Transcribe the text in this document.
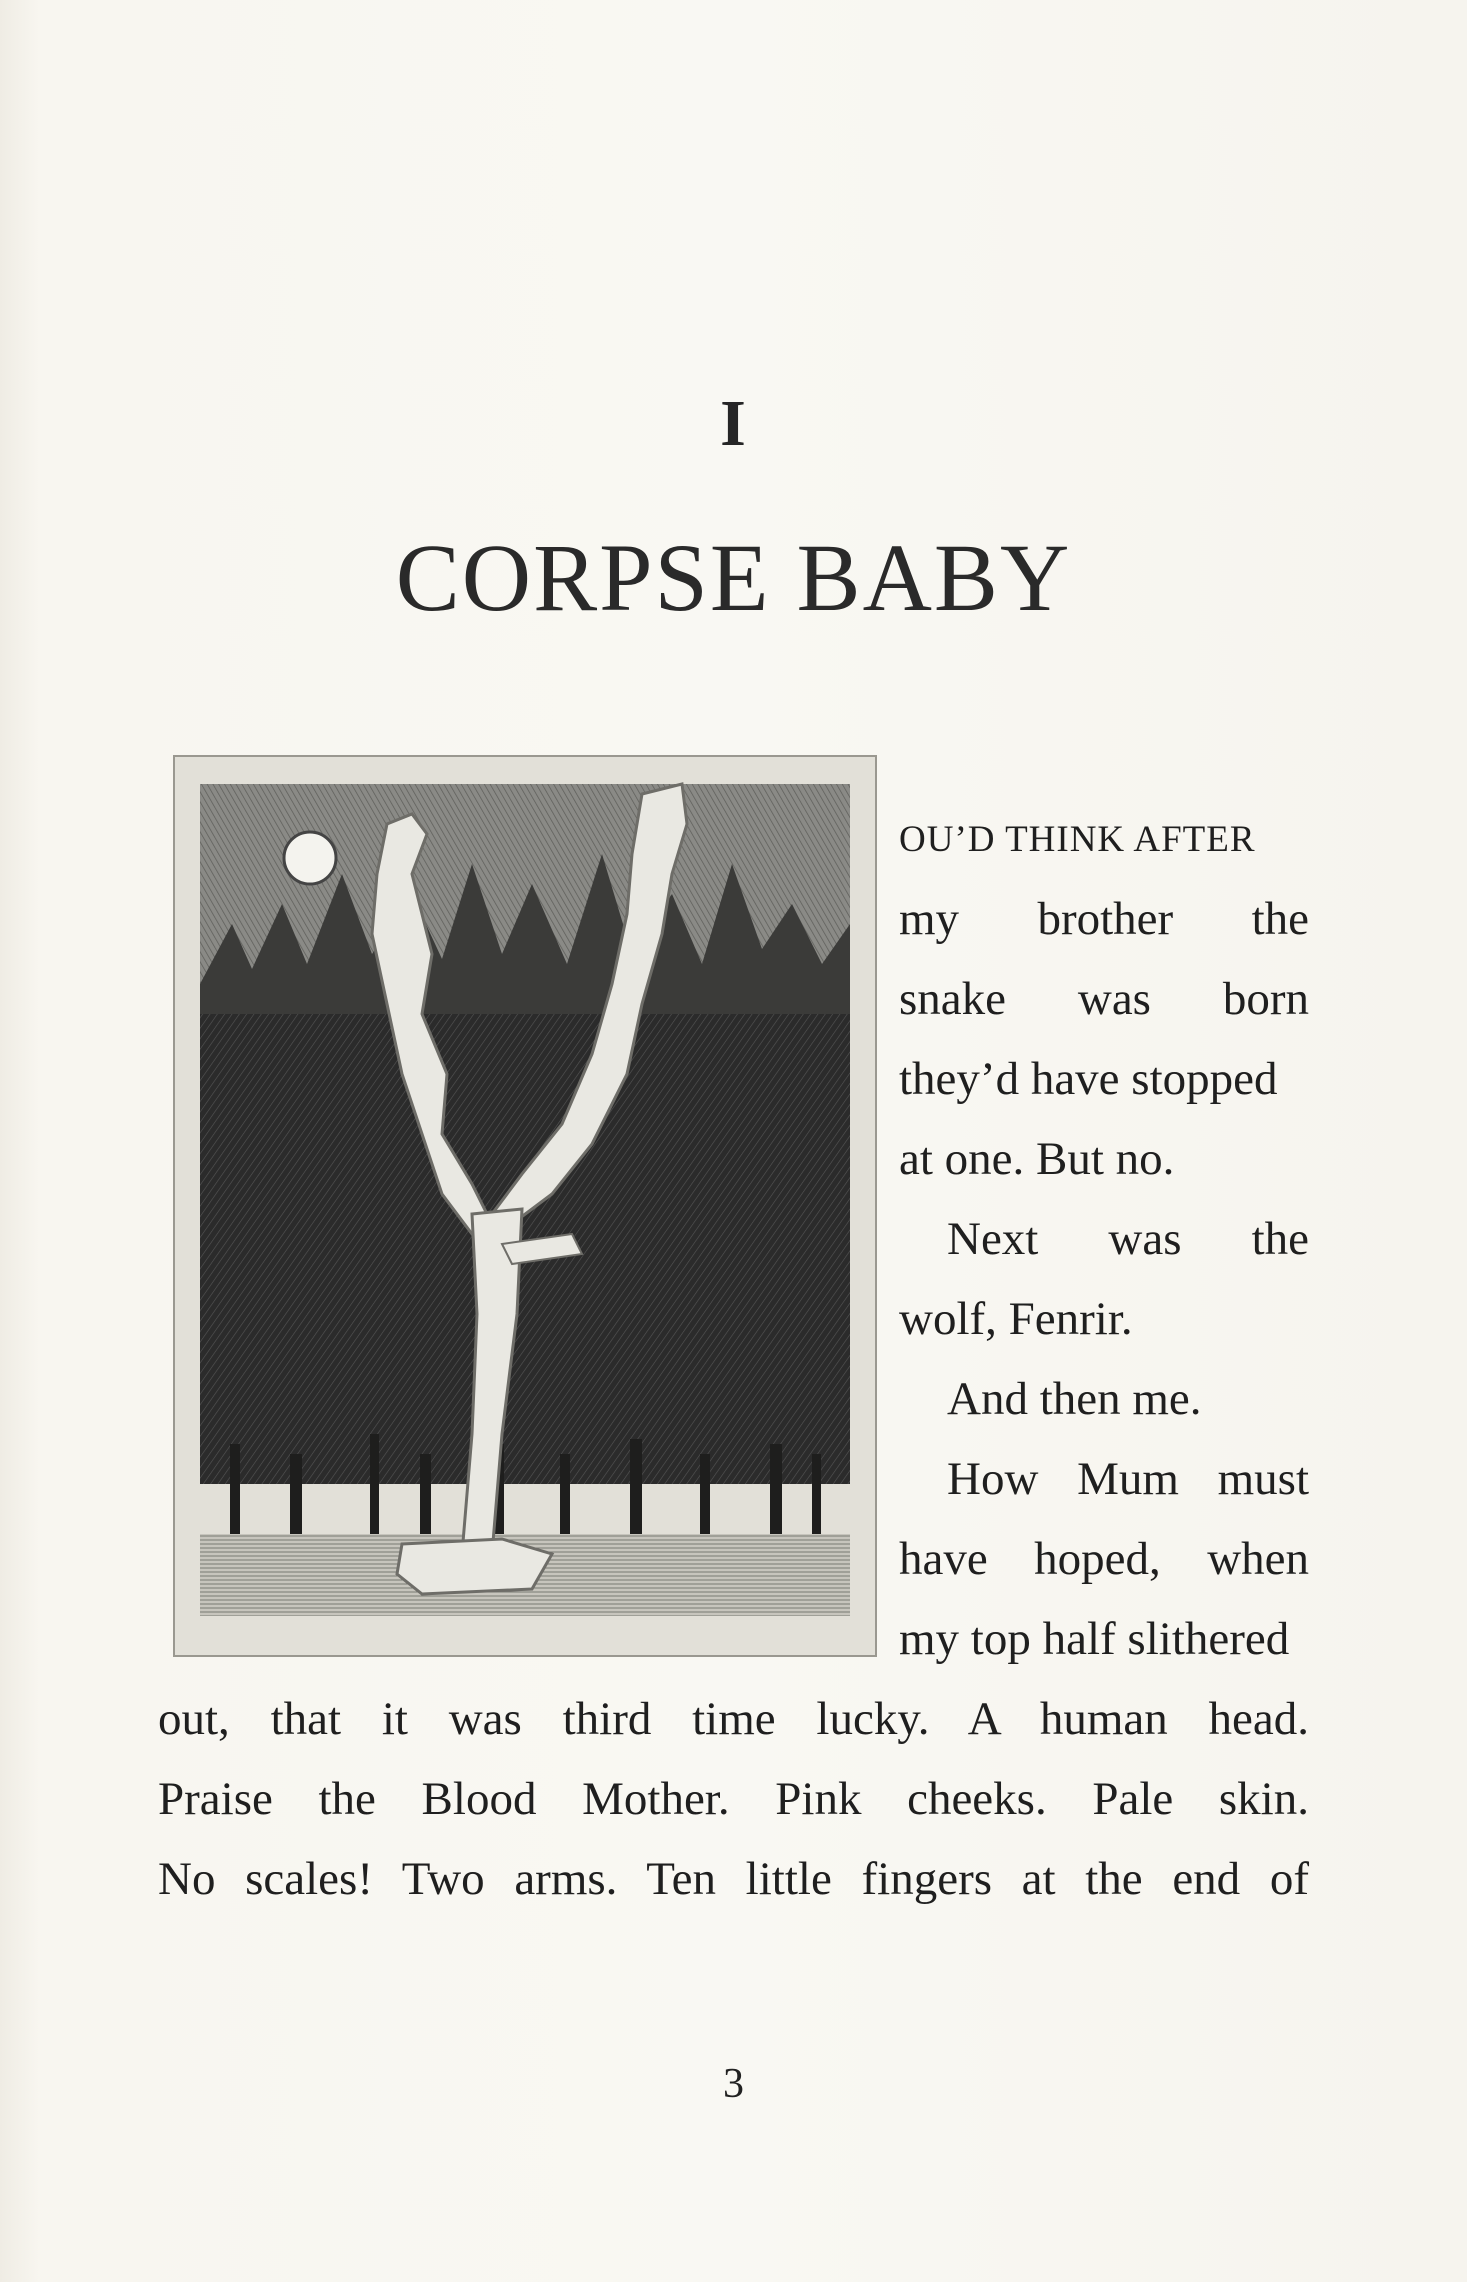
I
CORPSE BABY
OU’D THINK AFTER
my brother the
snake was born
they’d have stopped
at one. But no.
Next was the
wolf, Fenrir.
And then me.
How Mum must
have hoped, when
my top half slithered
out, that it was third time lucky. A human head.
Praise the Blood Mother. Pink cheeks. Pale skin.
No scales! Two arms. Ten little fingers at the end of
3
